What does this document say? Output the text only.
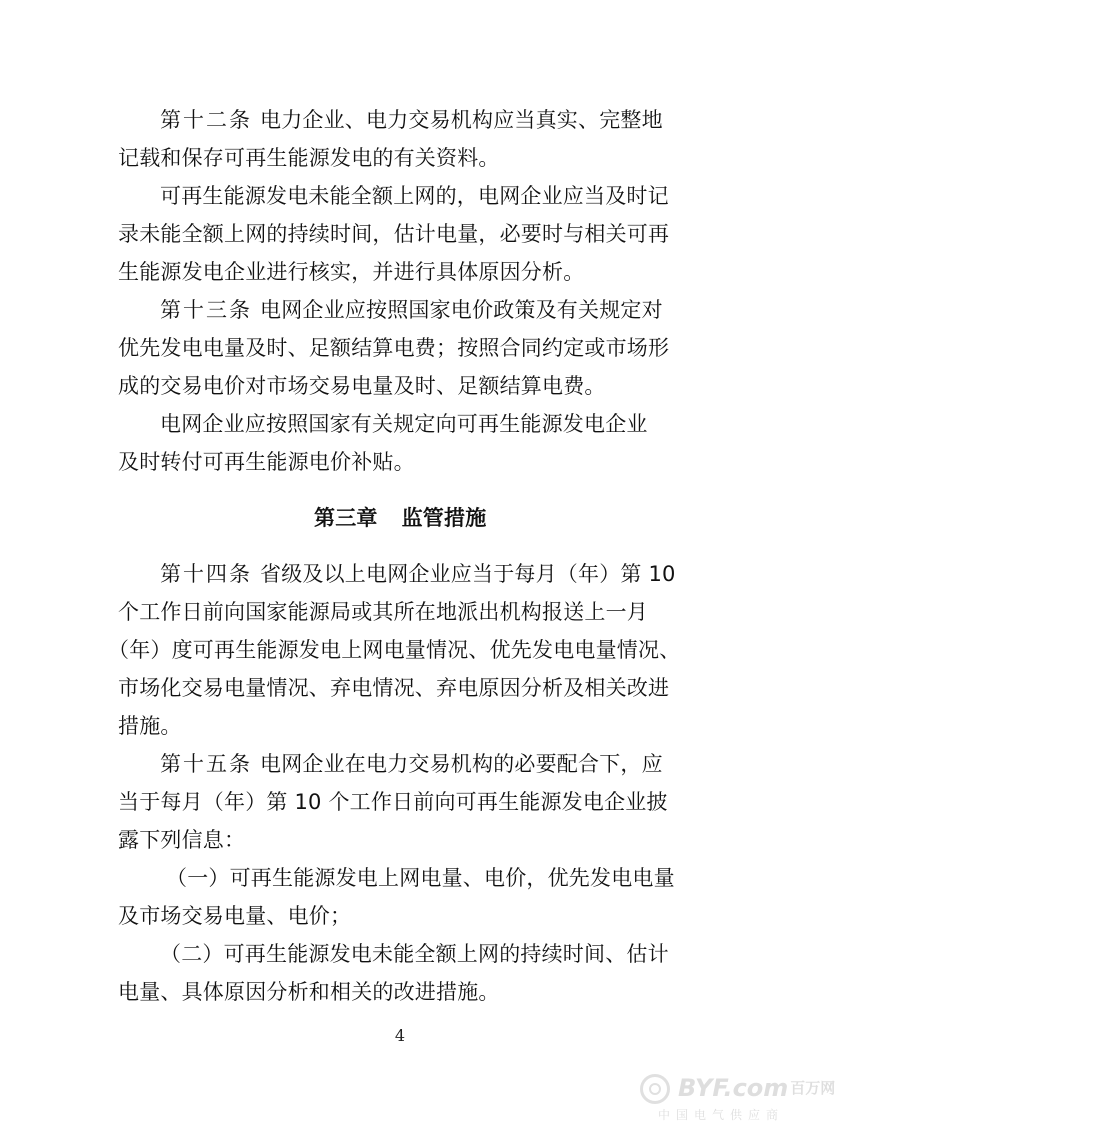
第十二条 电力企业、电力交易机构应当真实、完整地
记载和保存可再生能源发电的有关资料。
可再生能源发电未能全额上网的，电网企业应当及时记
录未能全额上网的持续时间，估计电量，必要时与相关可再
生能源发电企业进行核实，并进行具体原因分析。
第十三条 电网企业应按照国家电价政策及有关规定对
优先发电电量及时、足额结算电费；按照合同约定或市场形
成的交易电价对市场交易电量及时、足额结算电费。
电网企业应按照国家有关规定向可再生能源发电企业
及时转付可再生能源电价补贴。
第三章 监管措施
第十四条 省级及以上电网企业应当于每月（年）第 10
个工作日前向国家能源局或其所在地派出机构报送上一月
（年）度可再生能源发电上网电量情况、优先发电电量情况、
市场化交易电量情况、弃电情况、弃电原因分析及相关改进
措施。
第十五条 电网企业在电力交易机构的必要配合下，应
当于每月（年）第 10 个工作日前向可再生能源发电企业披
露下列信息：
（一）可再生能源发电上网电量、电价，优先发电电量
及市场交易电量、电价；
（二）可再生能源发电未能全额上网的持续时间、估计
电量、具体原因分析和相关的改进措施。
4
BYF.com $^{百万网}$
中国电气供应商
